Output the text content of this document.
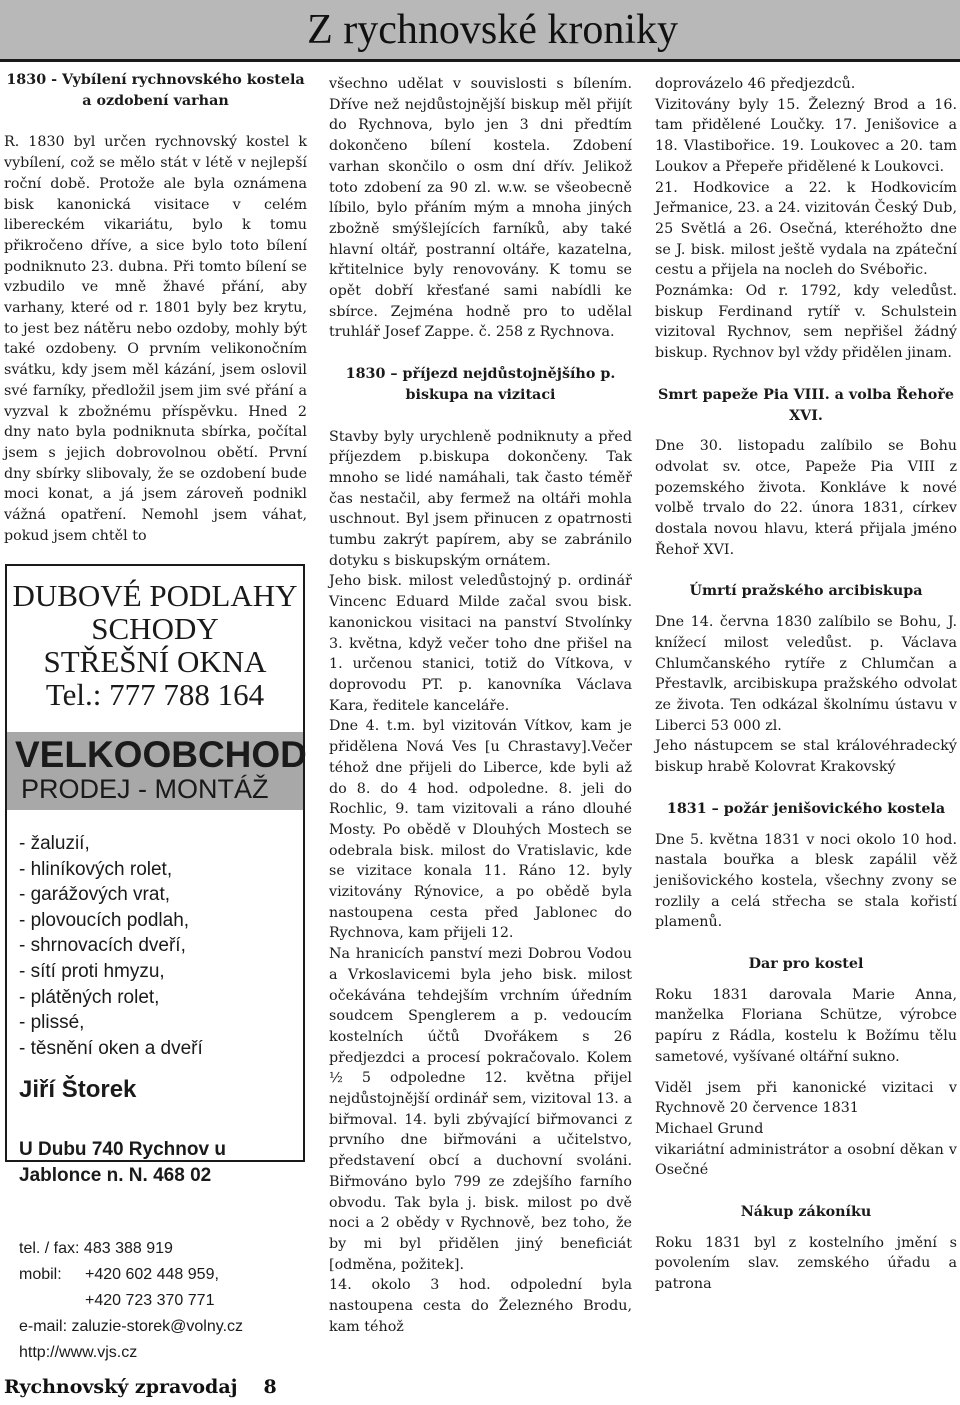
Z rychnovské kroniky

1830 - Vybílení rychnovského kostela a ozdobení varhan

R. 1830 byl určen rychnovský kostel k vybílení, což se mělo stát v létě v nejlepší roční době. Protože ale byla oznámena bisk kanonická visitace v celém libereckém vikariátu, bylo k tomu přikročeno dříve, a sice bylo toto bílení podniknuto 23. dubna. Při tomto bílení se vzbudilo ve mně žhavé přání, aby varhany, které od r. 1801 byly bez krytu, to jest bez nátěru nebo ozdoby, mohly být také ozdobeny. O prvním velikonočním svátku, kdy jsem měl kázání, jsem oslovil své farníky, předložil jsem jim své přání a vyzval k zbožnému příspěvku. Hned 2 dny nato byla podniknuta sbírka, počítal jsem s jejich dobrovolnou obětí. První dny sbírky slibovaly, že se ozdobení bude moci konat, a já jsem zároveň podnikl vážná opatření. Nemohl jsem váhat, pokud jsem chtěl to

DUBOVÉ PODLAHY
SCHODY
STŘEŠNÍ OKNA
Tel.: 777 788 164
VELKOOBCHOD
PRODEJ - MONTÁŽ
- žaluzií,
- hliníkových rolet,
- garážových vrat,
- plovoucích podlah,
- shrnovacích dveří,
- sítí proti hmyzu,
- plátěných rolet,
- plissé,
- těsnění oken a dveří
Jiří Štorek
U Dubu 740 Rychnov u Jablonce n. N. 468 02
tel. / fax: 483 388 919
mobil: +420 602 448 959,
+420 723 370 771
e-mail: zaluzie-storek@volny.cz
http://www.vjs.cz

všechno udělat v souvislosti s bílením. Dříve než nejdůstojnější biskup měl přijít do Rychnova, bylo jen 3 dni předtím dokončeno bílení kostela. Zdobení varhan skončilo o osm dní dřív. Jelikož toto zdobení za 90 zl. w.w. se všeobecně líbilo, bylo přáním mým a mnoha jiných zbožně smýšlejících farníků, aby také hlavní oltář, postranní oltáře, kazatelna, křtitelnice byly renovovány. K tomu se opět dobří křesťané sami nabídli ke sbírce. Zejména hodně pro to udělal truhlář Josef Zappe. č. 258 z Rychnova.

1830 – příjezd nejdůstojnějšího p. biskupa na vizitaci

Stavby byly urychleně podniknuty a před příjezdem p.biskupa dokončeny. Tak mnoho se lidé namáhali, tak často téměř čas nestačil, aby fermež na oltáři mohla uschnout. Byl jsem přinucen z opatrnosti tumbu zakrýt papírem, aby se zabránilo dotyku s biskupským ornátem.

Jeho bisk. milost veledůstojný p. ordinář Vincenc Eduard Milde začal svou bisk. kanonickou visitaci na panství Stvolínky 3. května, když večer toho dne přišel na 1. určenou stanici, totiž do Vítkova, v doprovodu PT. p. kanovníka Václava Kara, ředitele kanceláře.

Dne 4. t.m. byl vizitován Vítkov, kam je přidělena Nová Ves [u Chrastavy].Večer téhož dne přijeli do Liberce, kde byli až do 8. do 4 hod. odpoledne. 8. jeli do Rochlic, 9. tam vizitovali a ráno dlouhé Mosty. Po obědě v Dlouhých Mostech se odebrala bisk. milost do Vratislavic, kde se vizitace konala 11. Ráno 12. byly vizitovány Rýnovice, a po obědě byla nastoupena cesta před Jablonec do Rychnova, kam přijeli 12.

Na hranicích panství mezi Dobrou Vodou a Vrkoslavicemi byla jeho bisk. milost očekávána tehdejším vrchním úředním soudcem Spenglerem a p. vedoucím kostelních účtů Dvořákem s 26 předjezdci a procesí pokračovalo. Kolem ½ 5 odpoledne 12. května přijel nejdůstojnější ordinář sem, vizitoval 13. a biřmoval. 14. byli zbývající biřmovanci z prvního dne biřmováni a učitelstvo, představení obcí a duchovní svoláni. Biřmováno bylo 799 ze zdejšího farního obvodu. Tak byla j. bisk. milost po dvě noci a 2 obědy v Rychnově, bez toho, že by mi byl přidělen jiný beneficiát [odměna, požitek].

14. okolo 3 hod. odpolední byla nastoupena cesta do Železného Brodu, kam téhož

doprovázelo 46 předjezdců.

Vizitovány byly 15. Železný Brod a 16. tam přidělené Loučky. 17. Jenišovice a 18. Vlastibořice. 19. Loukovec a 20. tam Loukov a Přepeře přidělené k Loukovci.

21. Hodkovice a 22. k Hodkovicím Jeřmanice, 23. a 24. vizitován Český Dub, 25 Světlá a 26. Osečná, kteréhožto dne se J. bisk. milost ještě vydala na zpáteční cestu a přijela na nocleh do Svébořic.

Poznámka: Od r. 1792, kdy veledůst. biskup Ferdinand rytíř v. Schulstein vizitoval Rychnov, sem nepřišel žádný biskup. Rychnov byl vždy přidělen jinam.

Smrt papeže Pia VIII. a volba Řehoře XVI.

Dne 30. listopadu zalíbilo se Bohu odvolat sv. otce, Papeže Pia VIII z pozemského života. Konkláve k nové volbě trvalo do 22. února 1831, církev dostala novou hlavu, která přijala jméno Řehoř XVI.

Úmrtí pražského arcibiskupa

Dne 14. června 1830 zalíbilo se Bohu, J. knížecí milost veledůst. p. Václava Chlumčanského rytíře z Chlumčan a Přestavlk, arcibiskupa pražského odvolat ze života. Ten odkázal školnímu ústavu v Liberci 53 000 zl.

Jeho nástupcem se stal královéhradecký biskup hrabě Kolovrat Krakovský

1831 – požár jenišovického kostela

Dne 5. května 1831 v noci okolo 10 hod. nastala bouřka a blesk zapálil věž jenišovického kostela, všechny zvony se rozlily a celá střecha se stala kořistí plamenů.

Dar pro kostel

Roku 1831 darovala Marie Anna, manželka Floriana Schütze, výrobce papíru z Rádla, kostelu k Božímu tělu sametové, vyšívané oltářní sukno.

Viděl jsem při kanonické vizitaci v Rychnově 20 července 1831

Michael Grund

vikariátní administrátor a osobní děkan v Osečné

Nákup zákoníku

Roku 1831 byl z kostelního jmění s povolením slav. zemského úřadu a patrona

Rychnovský zpravodaj 8
